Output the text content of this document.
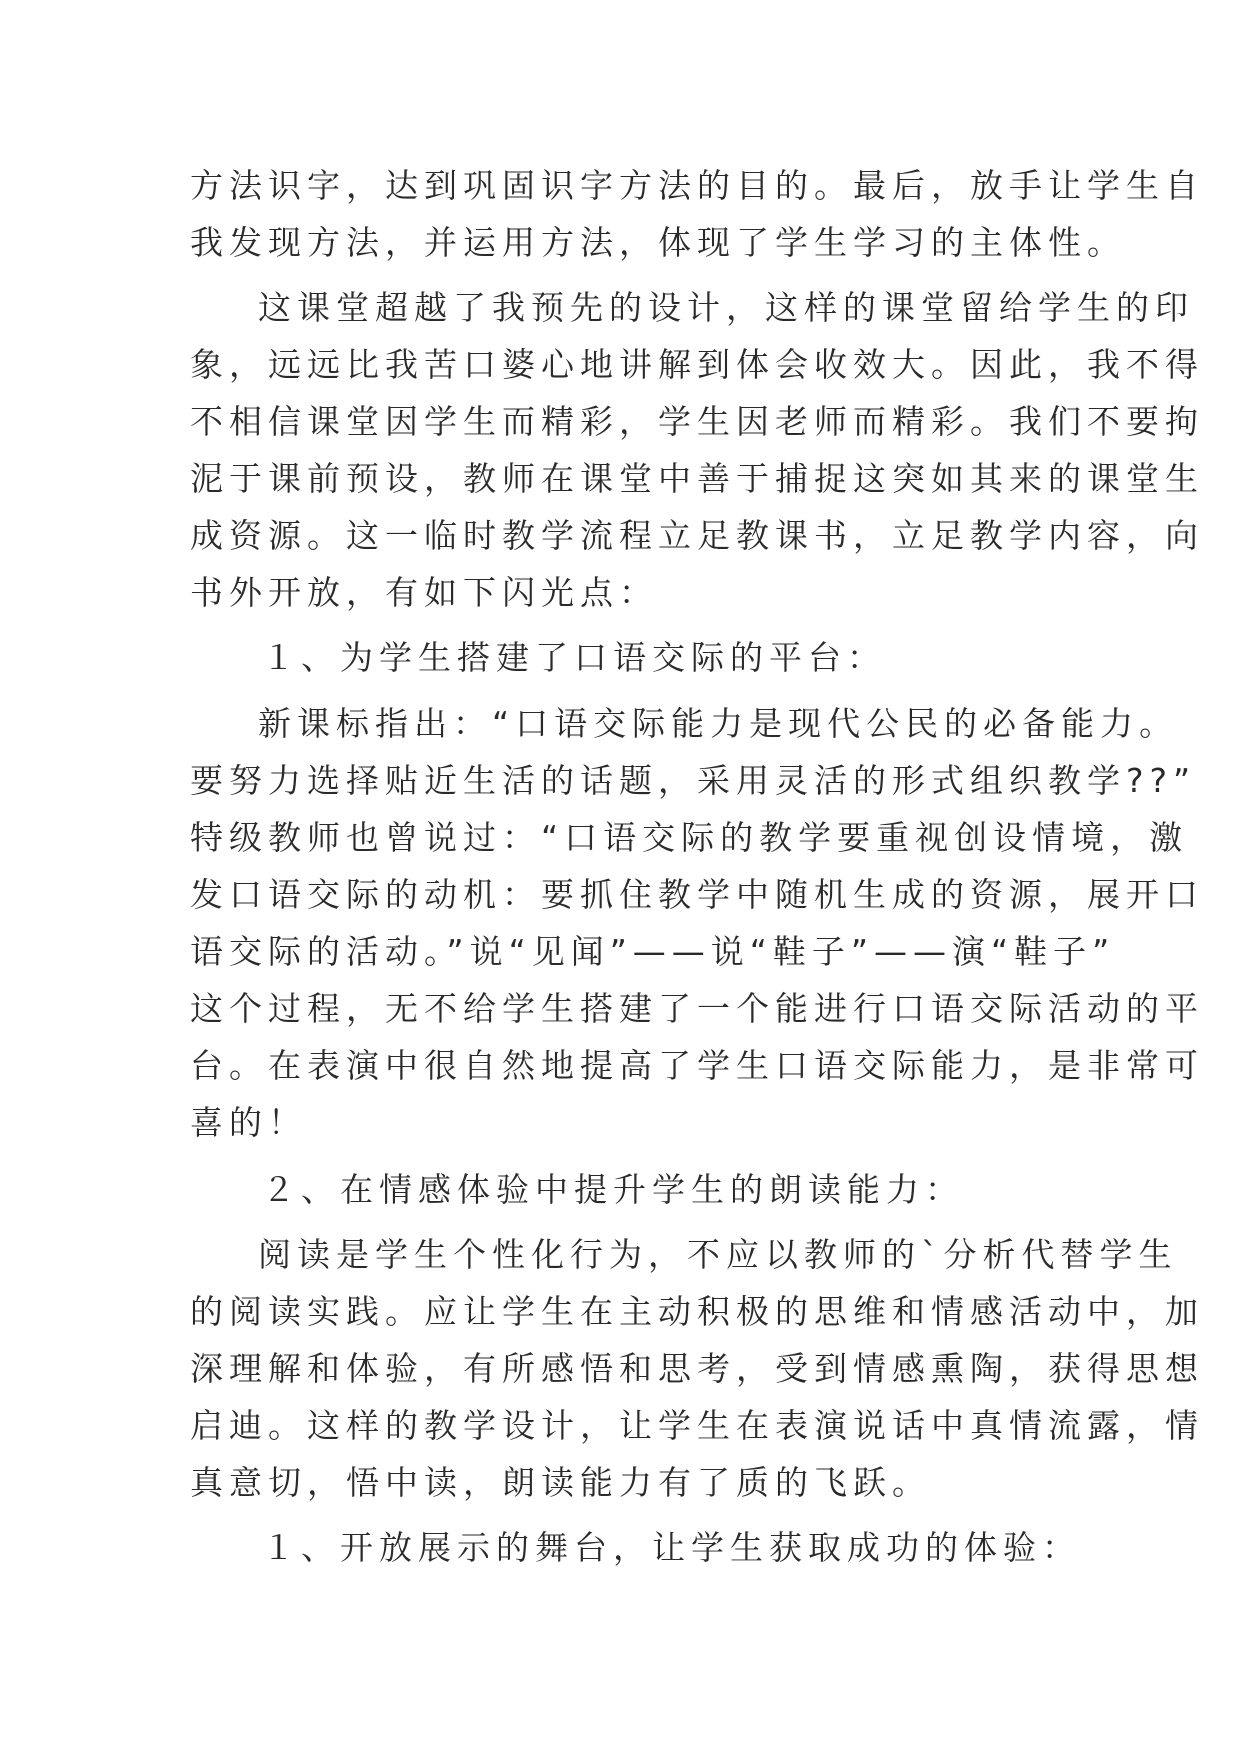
方法识字，达到巩固识字方法的目的。最后，放手让学生自
我发现方法，并运用方法，体现了学生学习的主体性。
这课堂超越了我预先的设计，这样的课堂留给学生的印
象，远远比我苦口婆心地讲解到体会收效大。因此，我不得
不相信课堂因学生而精彩，学生因老师而精彩。我们不要拘
泥于课前预设，教师在课堂中善于捕捉这突如其来的课堂生
成资源。这一临时教学流程立足教课书，立足教学内容，向
书外开放，有如下闪光点：
１、为学生搭建了口语交际的平台：
新课标指出：“口语交际能力是现代公民的必备能力。
要努力选择贴近生活的话题，采用灵活的形式组织教学??”
特级教师也曾说过：“口语交际的教学要重视创设情境，激
发口语交际的动机：要抓住教学中随机生成的资源，展开口
语交际的活动。”说“见闻”——说“鞋子”——演“鞋子”
这个过程，无不给学生搭建了一个能进行口语交际活动的平
台。在表演中很自然地提高了学生口语交际能力，是非常可
喜的！
２、在情感体验中提升学生的朗读能力：
阅读是学生个性化行为，不应以教师的`分析代替学生
的阅读实践。应让学生在主动积极的思维和情感活动中，加
深理解和体验，有所感悟和思考，受到情感熏陶，获得思想
启迪。这样的教学设计，让学生在表演说话中真情流露，情
真意切，悟中读，朗读能力有了质的飞跃。
１、开放展示的舞台，让学生获取成功的体验：
